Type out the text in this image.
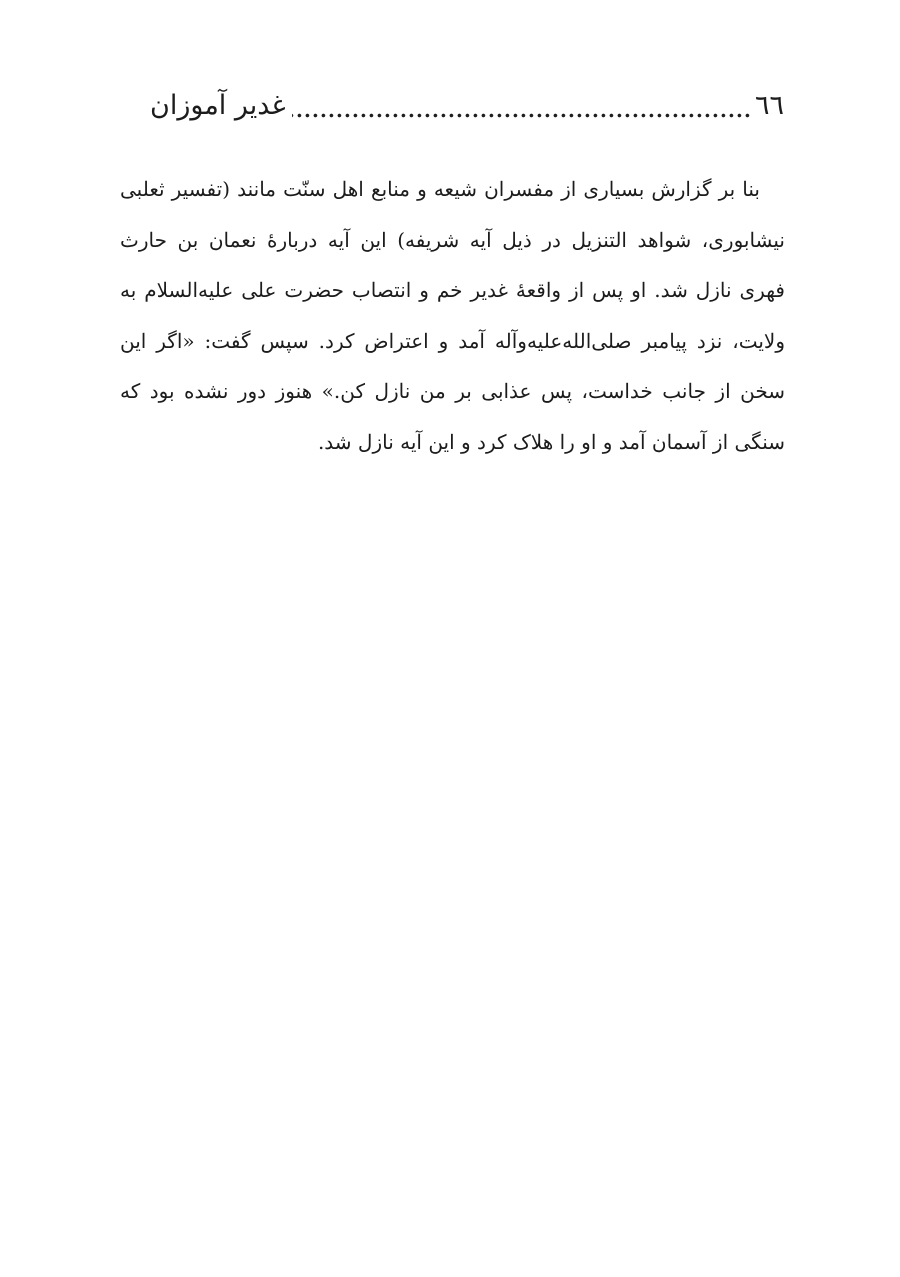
٦٦
غدیر آموزان

بنا بر گزارش بسیاری از مفسران شیعه و منابع اهل سنّت مانند (تفسیر ثعلبی نیشابوری، شواهد التنزیل در ذیل آیه شریفه) این آیه دربارهٔ نعمان بن حارث فهری نازل شد. او پس از واقعهٔ غدیر خم و انتصاب حضرت علی علیه‌السلام به ولایت، نزد پیامبر صلی‌الله‌علیه‌وآله آمد و اعتراض کرد. سپس گفت: «اگر این سخن از جانب خداست، پس عذابی بر من نازل کن.» هنوز دور نشده بود که سنگی از آسمان آمد و او را هلاک کرد و این آیه نازل شد.
